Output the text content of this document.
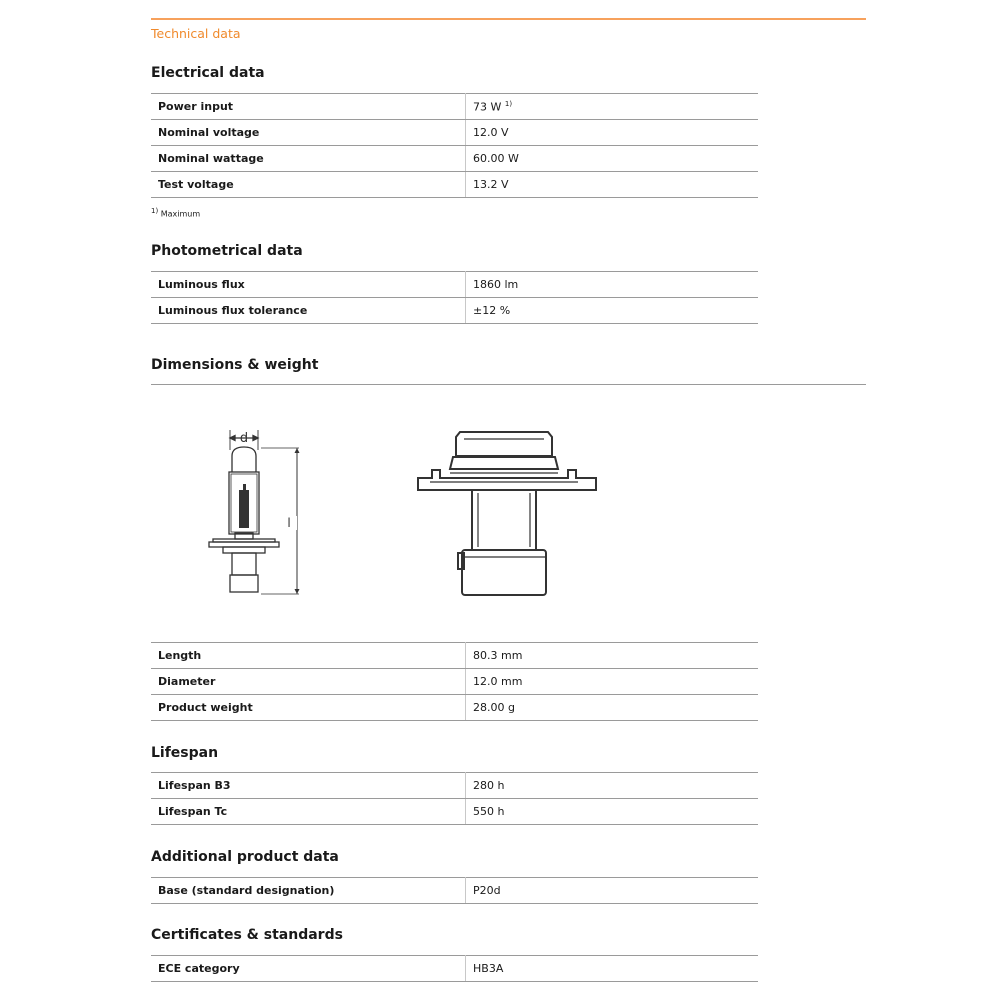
Technical data
Electrical data
Power input	73 W $^{1)}$
Nominal voltage	12.0 V
Nominal wattage	60.00 W
Test voltage	13.2 V
$^{1)}$ Maximum
Photometrical data
Luminous flux	1860 lm
Luminous flux tolerance	±12 %
Dimensions & weight
d
l
Length	80.3 mm
Diameter	12.0 mm
Product weight	28.00 g
Lifespan
Lifespan B3	280 h
Lifespan Tc	550 h
Additional product data
Base (standard designation)	P20d
Certificates & standards
ECE category	HB3A
